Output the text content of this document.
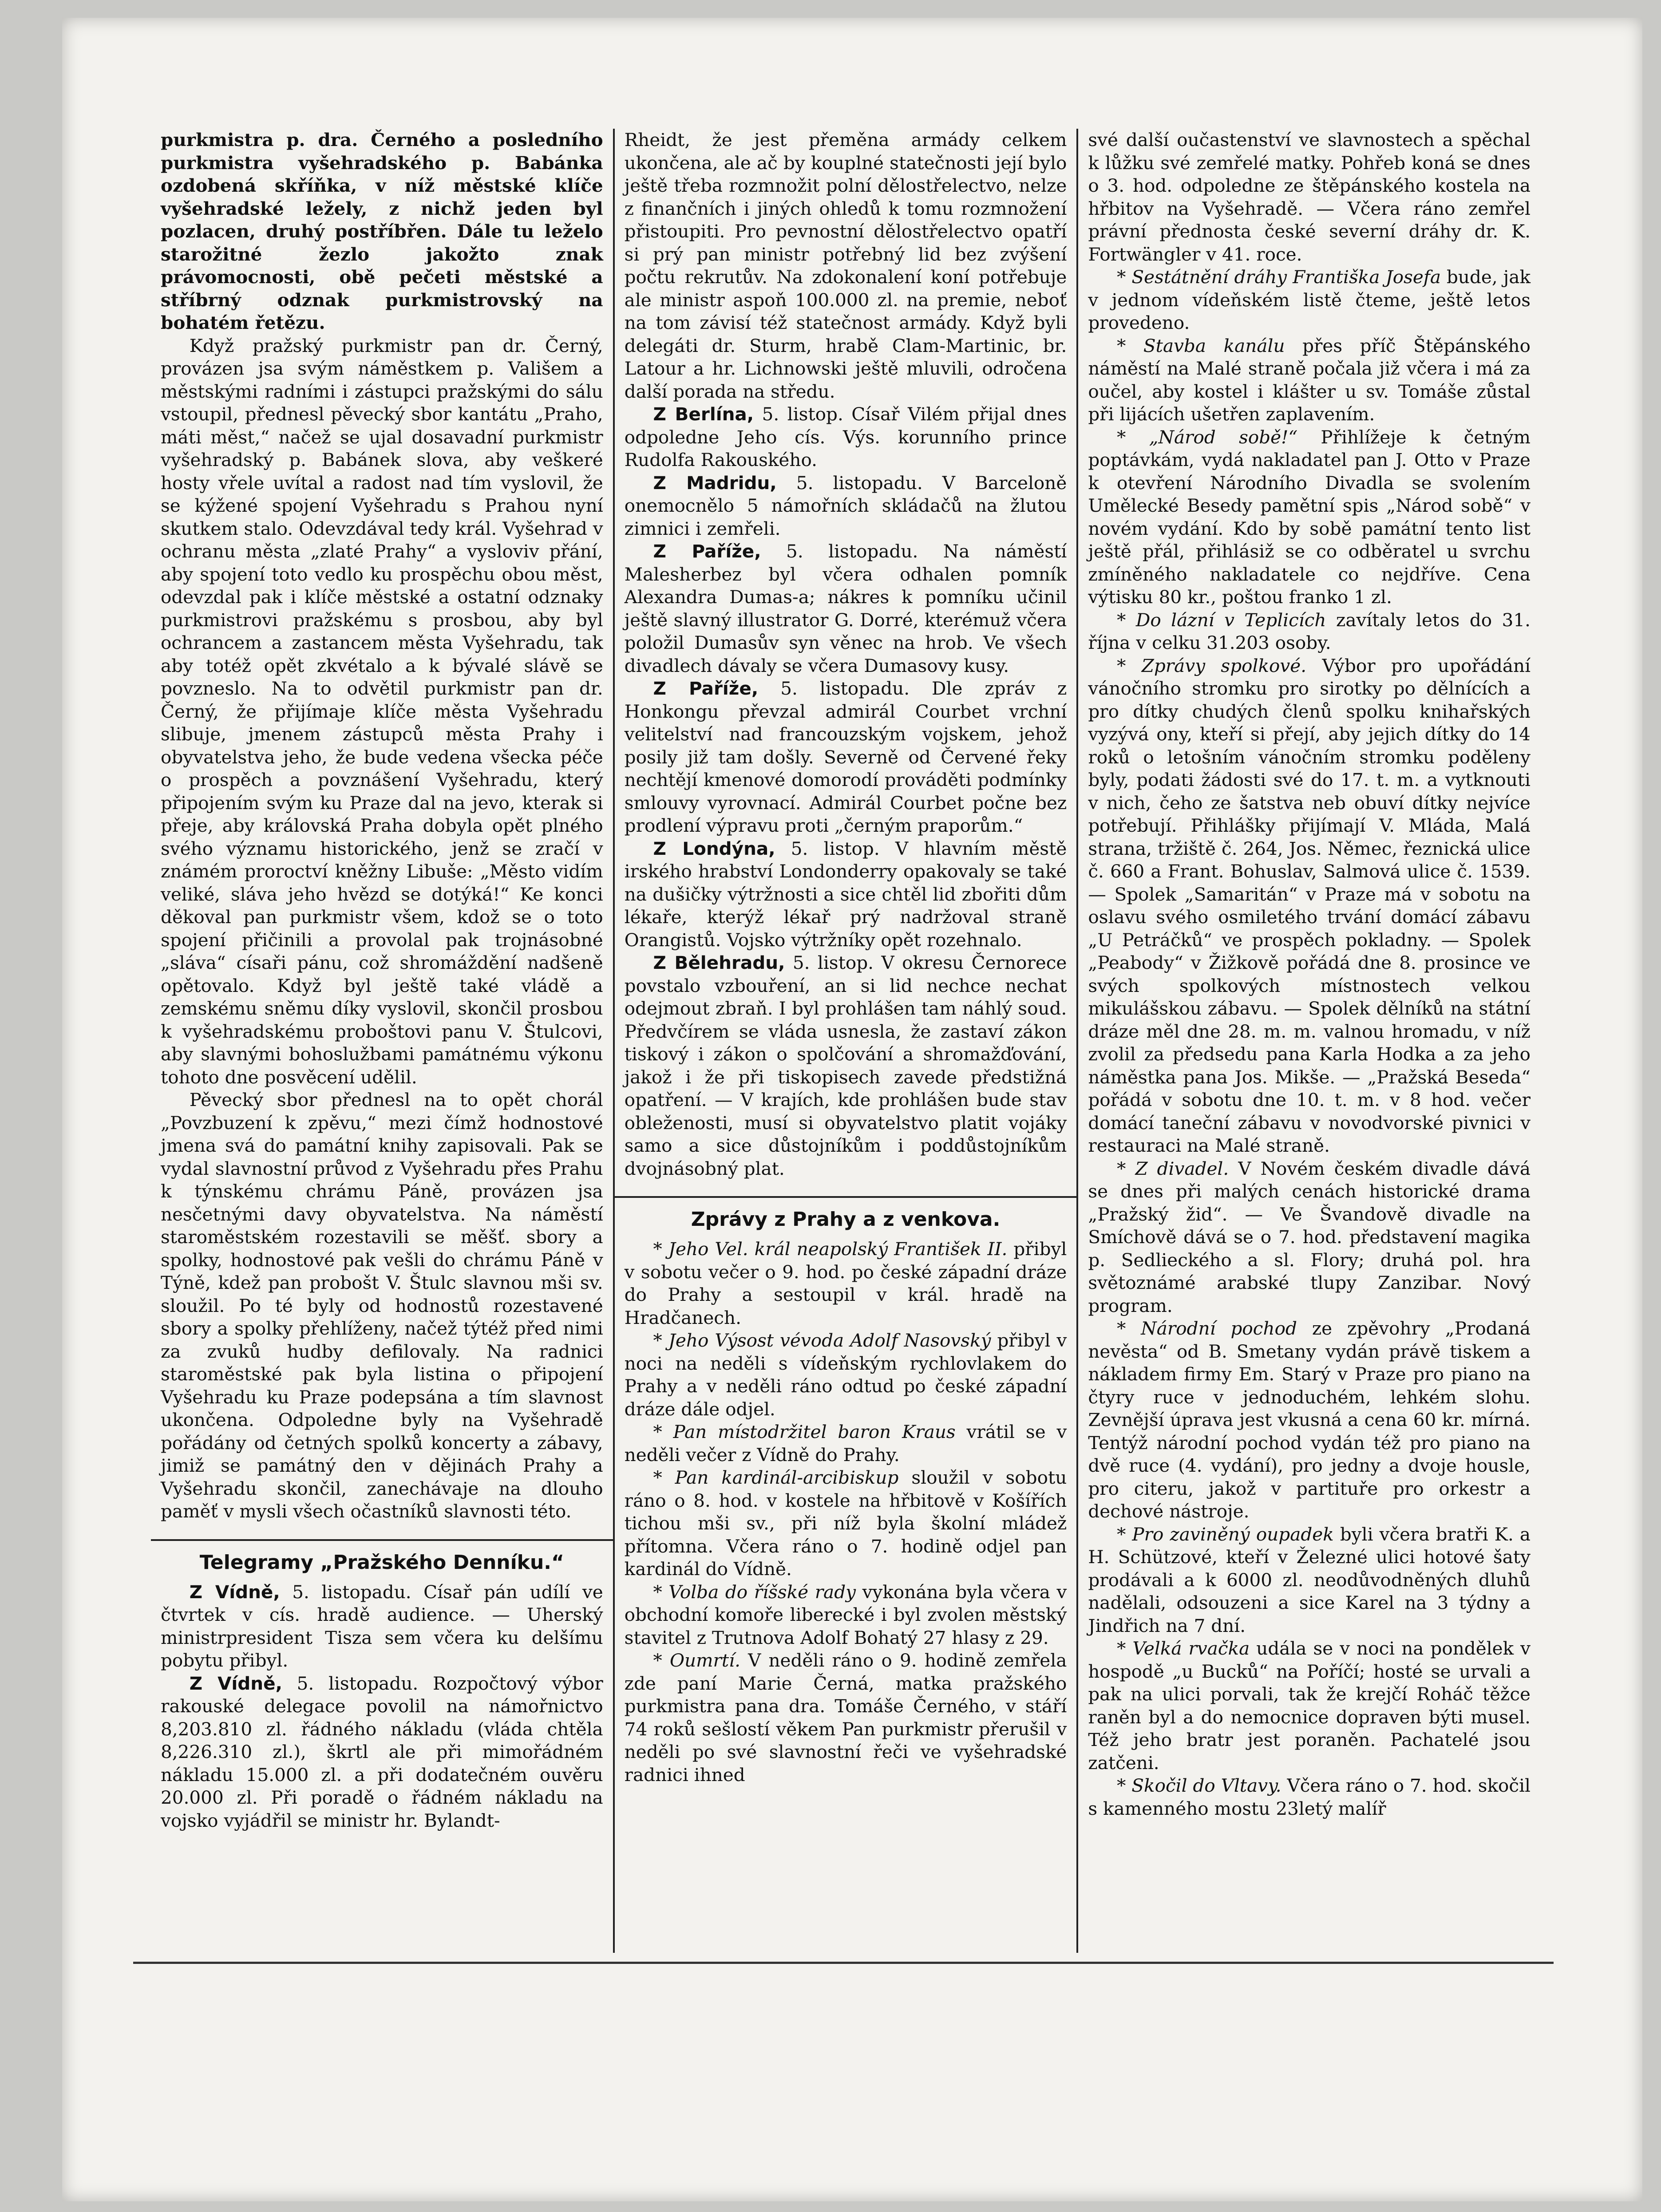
purkmistra p. dra. Černého a posledního purkmistra vyšehradského p. Babánka ozdobená skříňka, v níž městské klíče vyšehradské ležely, z nichž jeden byl pozlacen, druhý postříbřen. Dále tu leželo starožitné žezlo jakožto znak právomocnosti, obě pečeti městské a stříbrný odznak purkmistrovský na bohatém řetězu.

Když pražský purkmistr pan dr. Černý, provázen jsa svým náměstkem p. Vališem a městskými radními i zástupci pražskými do sálu vstoupil, přednesl pěvecký sbor kantátu „Praho, máti měst,“ načež se ujal dosavadní purkmistr vyšehradský p. Babánek slova, aby veškeré hosty vřele uvítal a radost nad tím vyslovil, že se kýžené spojení Vyšehradu s Prahou nyní skutkem stalo. Odevzdával tedy král. Vyšehrad v ochranu města „zlaté Prahy“ a vysloviv přání, aby spojení toto vedlo ku prospěchu obou měst, odevzdal pak i klíče městské a ostatní odznaky purkmistrovi pražskému s prosbou, aby byl ochrancem a zastancem města Vyšehradu, tak aby totéž opět zkvétalo a k bývalé slávě se povzneslo. Na to odvětil purkmistr pan dr. Černý, že přijímaje klíče města Vyšehradu slibuje, jmenem zástupců města Prahy i obyvatelstva jeho, že bude vedena všecka péče o prospěch a povznášení Vyšehradu, který připojením svým ku Praze dal na jevo, kterak si přeje, aby královská Praha dobyla opět plného svého významu historického, jenž se zračí v známém proroctví kněžny Libuše: „Město vidím veliké, sláva jeho hvězd se dotýká!“ Ke konci děkoval pan purkmistr všem, kdož se o toto spojení přičinili a provolal pak trojnásobné „sláva“ císaři pánu, což shromáždění nadšeně opětovalo. Když byl ještě také vládě a zemskému sněmu díky vyslovil, skončil prosbou k vyšehradskému proboštovi panu V. Štulcovi, aby slavnými bohoslužbami památnému výkonu tohoto dne posvěcení udělil.

Pěvecký sbor přednesl na to opět chorál „Povzbuzení k zpěvu,“ mezi čímž hodnostové jmena svá do památní knihy zapisovali. Pak se vydal slavnostní průvod z Vyšehradu přes Prahu k týnskému chrámu Páně, provázen jsa nesčetnými davy obyvatelstva. Na náměstí staroměstském rozestavili se měšť. sbory a spolky, hodnostové pak vešli do chrámu Páně v Týně, kdež pan probošt V. Štulc slavnou mši sv. sloužil. Po té byly od hodnostů rozestavené sbory a spolky přehlíženy, načež týtéž před nimi za zvuků hudby defilovaly. Na radnici staroměstské pak byla listina o připojení Vyšehradu ku Praze podepsána a tím slavnost ukončena. Odpoledne byly na Vyšehradě pořádány od četných spolků koncerty a zábavy, jimiž se památný den v dějinách Prahy a Vyšehradu skončil, zanechávaje na dlouho paměť v mysli všech očastníků slavnosti této.

Telegramy „Pražského Denníku.“

Z Vídně, 5. listopadu. Císař pán udílí ve čtvrtek v cís. hradě audience. — Uherský ministrpresident Tisza sem včera ku delšímu pobytu přibyl.

Z Vídně, 5. listopadu. Rozpočtový výbor rakouské delegace povolil na námořnictvo 8,203.810 zl. řádného nákladu (vláda chtěla 8,226.310 zl.), škrtl ale při mimořádném nákladu 15.000 zl. a při dodatečném ouvěru 20.000 zl. Při poradě o řádném nákladu na vojsko vyjádřil se ministr hr. Bylandt-

Rheidt, že jest přeměna armády celkem ukončena, ale ač by kouplné statečnosti její bylo ještě třeba rozmnožit polní dělostřelectvo, nelze z finančních i jiných ohledů k tomu rozmnožení přistoupiti. Pro pevnostní dělostřelectvo opatří si prý pan ministr potřebný lid bez zvýšení počtu rekrutův. Na zdokonalení koní potřebuje ale ministr aspoň 100.000 zl. na premie, neboť na tom závisí též statečnost armády. Když byli delegáti dr. Sturm, hrabě Clam-Martinic, br. Latour a hr. Lichnowski ještě mluvili, odročena další porada na středu.

Z Berlína, 5. listop. Císař Vilém přijal dnes odpoledne Jeho cís. Výs. korunního prince Rudolfa Rakouského.

Z Madridu, 5. listopadu. V Barceloně onemocnělo 5 námořních skládačů na žlutou zimnici i zemřeli.

Z Paříže, 5. listopadu. Na náměstí Malesherbez byl včera odhalen pomník Alexandra Dumas-a; nákres k pomníku učinil ještě slavný illustrator G. Dorré, kterémuž včera položil Dumasův syn věnec na hrob. Ve všech divadlech dávaly se včera Dumasovy kusy.

Z Paříže, 5. listopadu. Dle zpráv z Honkongu převzal admirál Courbet vrchní velitelství nad francouzským vojskem, jehož posily již tam došly. Severně od Červené řeky nechtějí kmenové domorodí prováděti podmínky smlouvy vyrovnací. Admirál Courbet počne bez prodlení výpravu proti „černým praporům.“

Z Londýna, 5. listop. V hlavním městě irského hrabství Londonderry opakovaly se také na dušičky výtržnosti a sice chtěl lid zbořiti dům lékaře, kterýž lékař prý nadržoval straně Orangistů. Vojsko výtržníky opět rozehnalo.

Z Bělehradu, 5. listop. V okresu Černorece povstalo vzbouření, an si lid nechce nechat odejmout zbraň. I byl prohlášen tam náhlý soud. Předvčírem se vláda usnesla, že zastaví zákon tiskový i zákon o spolčování a shromažďování, jakož i že při tiskopisech zavede předstižná opatření. — V krajích, kde prohlášen bude stav obleženosti, musí si obyvatelstvo platit vojáky samo a sice důstojníkům i poddůstojníkům dvojnásobný plat.

Zprávy z Prahy a z venkova.

* Jeho Vel. král neapolský František II. přibyl v sobotu večer o 9. hod. po české západní dráze do Prahy a sestoupil v král. hradě na Hradčanech.

* Jeho Výsost vévoda Adolf Nasovský přibyl v noci na neděli s vídeňským rychlovlakem do Prahy a v neděli ráno odtud po české západní dráze dále odjel.

* Pan místodržitel baron Kraus vrátil se v neděli večer z Vídně do Prahy.

* Pan kardinál-arcibiskup sloužil v sobotu ráno o 8. hod. v kostele na hřbitově v Košířích tichou mši sv., při níž byla školní mládež přítomna. Včera ráno o 7. hodině odjel pan kardinál do Vídně.

* Volba do říšské rady vykonána byla včera v obchodní komoře liberecké i byl zvolen městský stavitel z Trutnova Adolf Bohatý 27 hlasy z 29.

* Oumrtí. V neděli ráno o 9. hodině zemřela zde paní Marie Černá, matka pražského purkmistra pana dra. Tomáše Černého, v stáří 74 roků sešlostí věkem Pan purkmistr přerušil v neděli po své slavnostní řeči ve vyšehradské radnici ihned

své další oučastenství ve slavnostech a spěchal k lůžku své zemřelé matky. Pohřeb koná se dnes o 3. hod. odpoledne ze štěpánského kostela na hřbitov na Vyšehradě. — Včera ráno zemřel právní přednosta české severní dráhy dr. K. Fortwängler v 41. roce.

* Sestátnění dráhy Františka Josefa bude, jak v jednom vídeňském listě čteme, ještě letos provedeno.

* Stavba kanálu přes příč Štěpánského náměstí na Malé straně počala již včera i má za oučel, aby kostel i klášter u sv. Tomáše zůstal při lijácích ušetřen zaplavením.

* „Národ sobě!“ Přihlížeje k četným poptávkám, vydá nakladatel pan J. Otto v Praze k otevření Národního Divadla se svolením Umělecké Besedy pamětní spis „Národ sobě“ v novém vydání. Kdo by sobě památní tento list ještě přál, přihlásiž se co odběratel u svrchu zmíněného nakladatele co nejdříve. Cena výtisku 80 kr., poštou franko 1 zl.

* Do lázní v Teplicích zavítaly letos do 31. října v celku 31.203 osoby.

* Zprávy spolkové. Výbor pro upořádání vánočního stromku pro sirotky po dělnících a pro dítky chudých členů spolku knihařských vyzývá ony, kteří si přejí, aby jejich dítky do 14 roků o letošním vánočním stromku poděleny byly, podati žádosti své do 17. t. m. a vytknouti v nich, čeho ze šatstva neb obuví dítky nejvíce potřebují. Přihlášky přijímají V. Mláda, Malá strana, tržiště č. 264, Jos. Němec, řeznická ulice č. 660 a Frant. Bohuslav, Salmová ulice č. 1539. — Spolek „Samaritán“ v Praze má v sobotu na oslavu svého osmiletého trvání domácí zábavu „U Petráčků“ ve prospěch pokladny. — Spolek „Peabody“ v Žižkově pořádá dne 8. prosince ve svých spolkových místnostech velkou mikulášskou zábavu. — Spolek dělníků na státní dráze měl dne 28. m. m. valnou hromadu, v níž zvolil za předsedu pana Karla Hodka a za jeho náměstka pana Jos. Mikše. — „Pražská Beseda“ pořádá v sobotu dne 10. t. m. v 8 hod. večer domácí taneční zábavu v novodvorské pivnici v restauraci na Malé straně.

* Z divadel. V Novém českém divadle dává se dnes při malých cenách historické drama „Pražský žid“. — Ve Švandově divadle na Smíchově dává se o 7. hod. představení magika p. Sedlieckého a sl. Flory; druhá pol. hra světoznámé arabské tlupy Zanzibar. Nový program.

* Národní pochod ze zpěvohry „Prodaná nevěsta“ od B. Smetany vydán právě tiskem a nákladem firmy Em. Starý v Praze pro piano na čtyry ruce v jednoduchém, lehkém slohu. Zevnější úprava jest vkusná a cena 60 kr. mírná. Tentýž národní pochod vydán též pro piano na dvě ruce (4. vydání), pro jedny a dvoje housle, pro citeru, jakož v partituře pro orkestr a dechové nástroje.

* Pro zaviněný oupadek byli včera bratři K. a H. Schützové, kteří v Železné ulici hotové šaty prodávali a k 6000 zl. neodůvodněných dluhů nadělali, odsouzeni a sice Karel na 3 týdny a Jindřich na 7 dní.

* Velká rvačka udála se v noci na pondělek v hospodě „u Bucků“ na Poříčí; hosté se urvali a pak na ulici porvali, tak že krejčí Roháč těžce raněn byl a do nemocnice dopraven býti musel. Též jeho bratr jest poraněn. Pachatelé jsou zatčeni.

* Skočil do Vltavy. Včera ráno o 7. hod. skočil s kamenného mostu 23letý malíř
